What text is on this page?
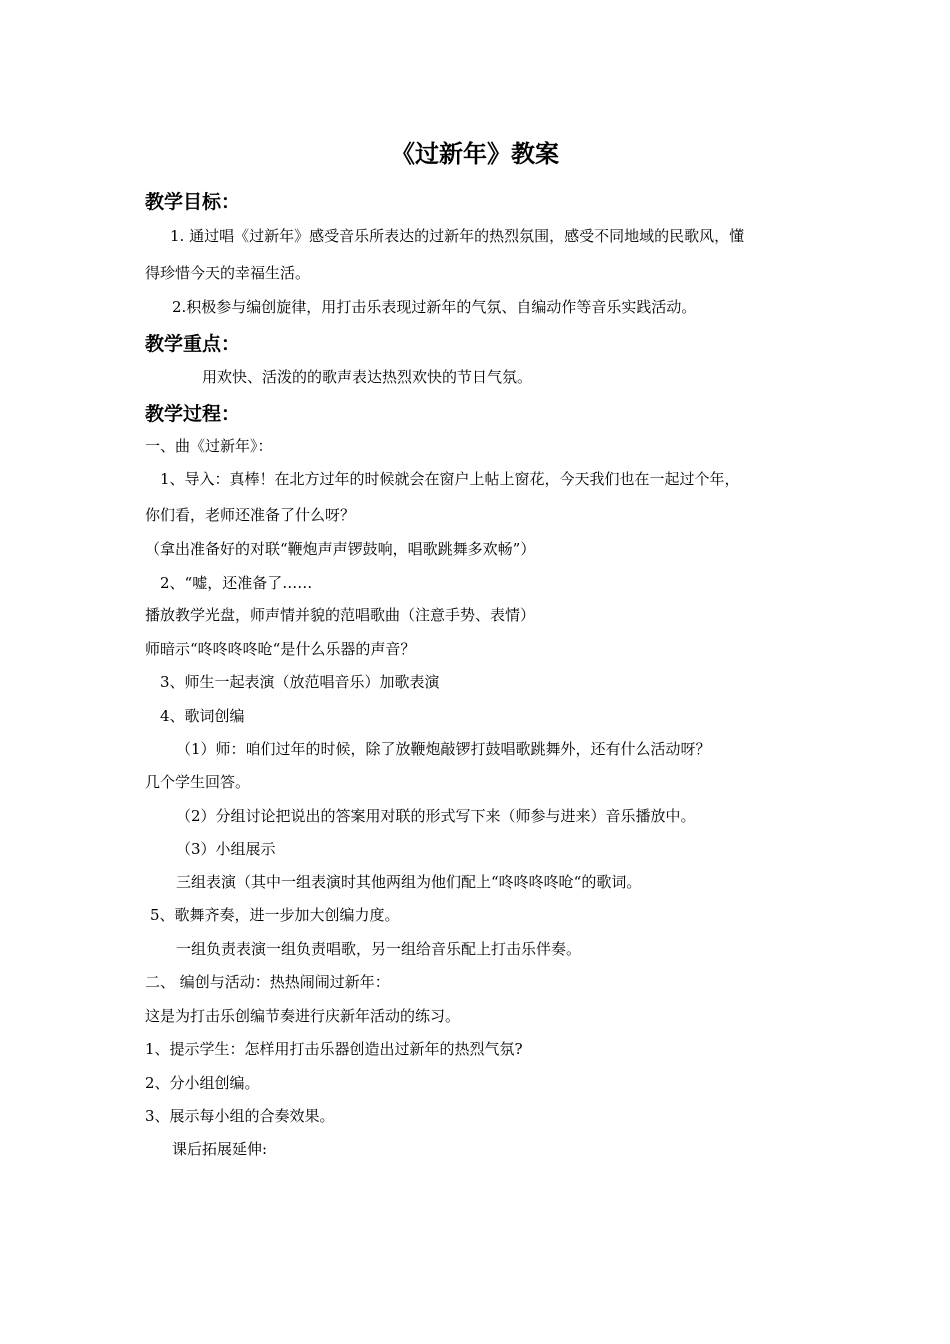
《过新年》教案
教学目标：
1. 通过唱《过新年》感受音乐所表达的过新年的热烈氛围，感受不同地域的民歌风，懂
得珍惜今天的幸福生活。
2.积极参与编创旋律，用打击乐表现过新年的气氛、自编动作等音乐实践活动。
教学重点：
用欢快、活泼的的歌声表达热烈欢快的节日气氛。
教学过程：
一、曲《过新年》：
1、导入：真棒！在北方过年的时候就会在窗户上帖上窗花，今天我们也在一起过个年，
你们看，老师还准备了什么呀？
（拿出准备好的对联“鞭炮声声锣鼓响，唱歌跳舞多欢畅”）
2、“嘘，还准备了……
播放教学光盘，师声情并貌的范唱歌曲（注意手势、表情）
师暗示“咚咚咚咚呛“是什么乐器的声音？
3、师生一起表演（放范唱音乐）加歌表演
4、歌词创编
（1）师：咱们过年的时候，除了放鞭炮敲锣打鼓唱歌跳舞外，还有什么活动呀？
几个学生回答。
（2）分组讨论把说出的答案用对联的形式写下来（师参与进来）音乐播放中。
（3）小组展示
三组表演（其中一组表演时其他两组为他们配上“咚咚咚咚呛“的歌词。
5、歌舞齐奏，进一步加大创编力度。
一组负责表演一组负责唱歌，另一组给音乐配上打击乐伴奏。
二、 编创与活动：热热闹闹过新年：
这是为打击乐创编节奏进行庆新年活动的练习。
1、提示学生：怎样用打击乐器创造出过新年的热烈气氛?
2、分小组创编。
3、展示每小组的合奏效果。
课后拓展延伸:
